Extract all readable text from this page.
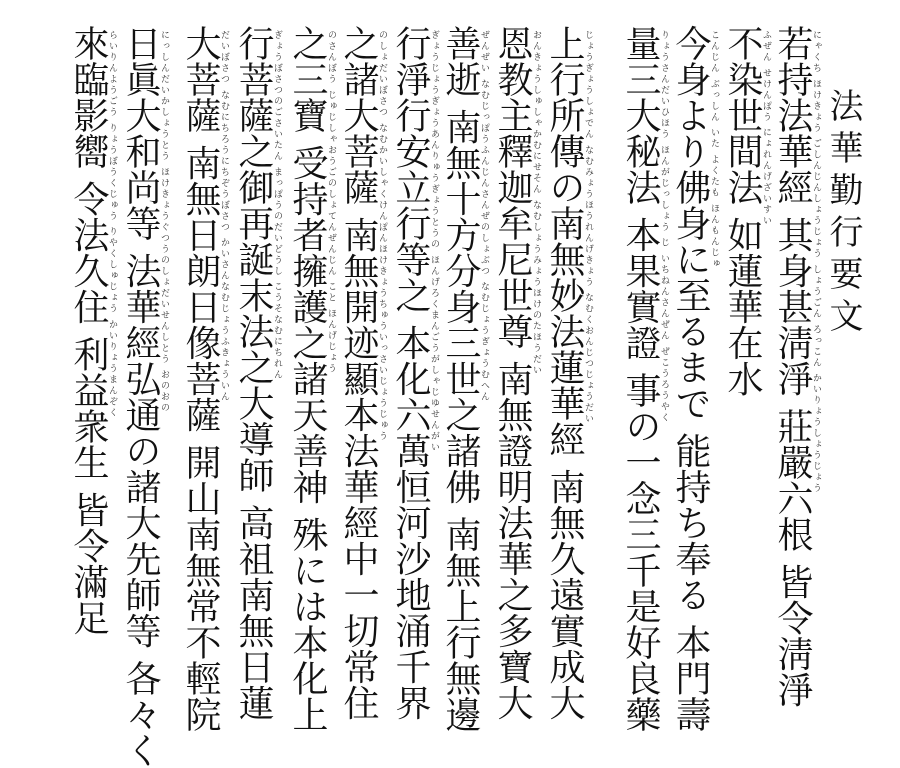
法華勤行要文
若持法華經 其身甚淸淨 莊嚴六根 皆令淸淨
にゃくち ほけきょう ごしんじんしょうじょう しょうごん ろっこん かいりょうしょうじょう
不染世間法 如蓮華在水
ふぜん せけんぽう にょれんげざいすい
今身より佛身に至るまで 能持ち奉る 本門壽
こんじん ぶっしん いた よくたも ほんもんじゅ
量三大秘法 本果實證 事の一念三千是好良藥
りょうさんだいひほう ほんがじっしょう じ いちねんさんぜん ぜこうろうやく
上行所傳の南無妙法蓮華經 南無久遠實成大
じょうぎょうしょでん なむみょうほうれんげきょう なむくおんじつじょうだい
恩教主釋迦牟尼世尊 南無證明法華之多寶大
おんきょうしゅしゃかむにせそん なむしょうみょうほけのたほうだい
善逝 南無十方分身三世之諸佛 南無上行無邊
ぜんぜい なむじっぽうふんじんさんぜのしょぶつ なむじょうぎょうむへん
行淨行安立行等之 本化六萬恒河沙地涌千界
ぎょうじょうぎょうあんりゅうぎょうとうの ほんげろくまんごうがしゃじゆせんがい
之諸大菩薩 南無開迹顯本法華經中一切常住
のしょだいぼさつ なむかいしゃくけんぽんほけきょうちゅういっさいじょうじゅう
之三寶 受持者擁護之諸天善神 殊には本化上
のさんぼう じゅじしゃおうごのしょてんぜんじん こと ほんげじょう
行菩薩之御再誕末法之大導師 高祖南無日蓮
ぎょうぼさつのごさいたん まっぽうのだいどうし こうそなむにちれん
大菩薩 南無日朗日像菩薩 開山南無常不輕院
だいぼさつ なむにちろうにちぞうぼさつ かいさんなむじょうふきょういん
日眞大和尚等 法華經弘通の諸大先師等 各々く
にっしんだいかしょうとう ほけきょうぐつうのしょだいせんしとう おのおの
來臨影嚮 令法久住 利益衆生 皆令滿足
らいりんようごう りょうぼうくじゅう りやくしゅじょう かいりょうまんぞく
